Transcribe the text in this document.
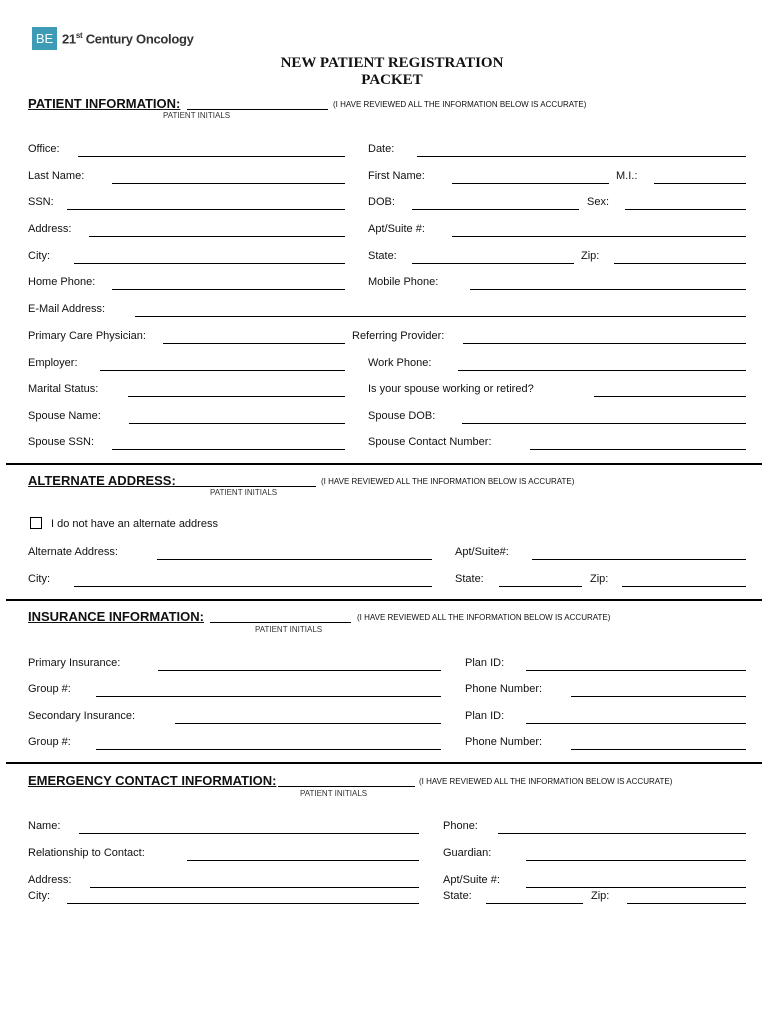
BE 21st Century Oncology
NEW PATIENT REGISTRATION
PACKET
PATIENT INFORMATION:
PATIENT INITIALS
(I HAVE REVIEWED ALL THE INFORMATION BELOW IS ACCURATE)
Office:	Date:
Last Name:	First Name:	M.I.:
SSN:	DOB:	Sex:
Address:	Apt/Suite #:
City:	State:	Zip:
Home Phone:	Mobile Phone:
E-Mail Address:
Primary Care Physician:	Referring Provider:
Employer:	Work Phone:
Marital Status:	Is your spouse working or retired?
Spouse Name:	Spouse DOB:
Spouse SSN:	Spouse Contact Number:
ALTERNATE ADDRESS:
PATIENT INITIALS
(I HAVE REVIEWED ALL THE INFORMATION BELOW IS ACCURATE)
I do not have an alternate address
Alternate Address:	Apt/Suite#:
City:	State:	Zip:
INSURANCE INFORMATION:
PATIENT INITIALS
(I HAVE REVIEWED ALL THE INFORMATION BELOW IS ACCURATE)
Primary Insurance:	Plan ID:
Group #:	Phone Number:
Secondary Insurance:	Plan ID:
Group #:	Phone Number:
EMERGENCY CONTACT INFORMATION:
PATIENT INITIALS
(I HAVE REVIEWED ALL THE INFORMATION BELOW IS ACCURATE)
Name:	Phone:
Relationship to Contact:	Guardian:
Address:	Apt/Suite #:
City:	State:	Zip:
